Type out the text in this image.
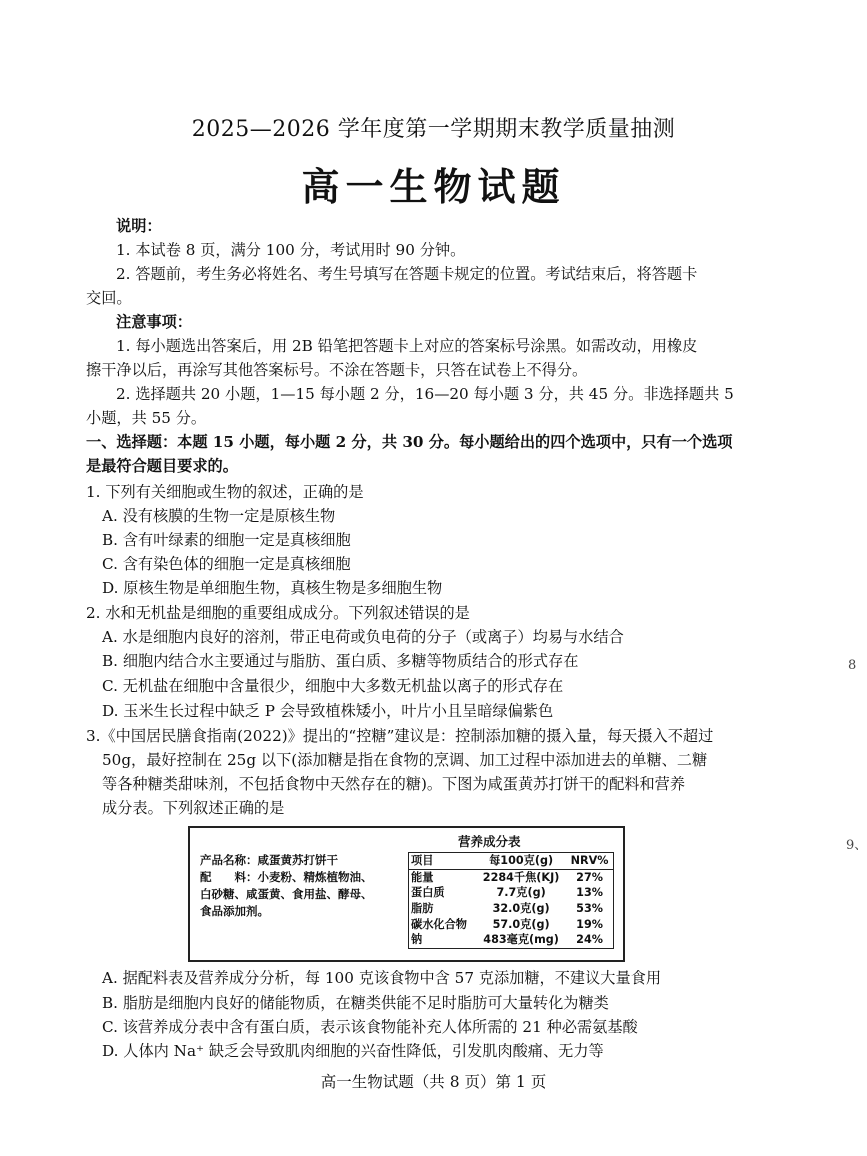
2025—2026 学年度第一学期期末教学质量抽测
高一生物试题
说明：
1. 本试卷 8 页，满分 100 分，考试用时 90 分钟。
2. 答题前，考生务必将姓名、考生号填写在答题卡规定的位置。考试结束后，将答题卡
交回。
注意事项：
1. 每小题选出答案后，用 2B 铅笔把答题卡上对应的答案标号涂黑。如需改动，用橡皮
擦干净以后，再涂写其他答案标号。不涂在答题卡，只答在试卷上不得分。
2. 选择题共 20 小题，1—15 每小题 2 分，16—20 每小题 3 分，共 45 分。非选择题共 5
小题，共 55 分。
一、选择题：本题 15 小题，每小题 2 分，共 30 分。每小题给出的四个选项中，只有一个选项
是最符合题目要求的。
1. 下列有关细胞或生物的叙述，正确的是
A. 没有核膜的生物一定是原核生物
B. 含有叶绿素的细胞一定是真核细胞
C. 含有染色体的细胞一定是真核细胞
D. 原核生物是单细胞生物，真核生物是多细胞生物
2. 水和无机盐是细胞的重要组成成分。下列叙述错误的是
A. 水是细胞内良好的溶剂，带正电荷或负电荷的分子（或离子）均易与水结合
B. 细胞内结合水主要通过与脂肪、蛋白质、多糖等物质结合的形式存在
C. 无机盐在细胞中含量很少，细胞中大多数无机盐以离子的形式存在
D. 玉米生长过程中缺乏 P 会导致植株矮小，叶片小且呈暗绿偏紫色
8
9、
3.《中国居民膳食指南(2022)》提出的“控糖”建议是：控制添加糖的摄入量，每天摄入不超过
50g，最好控制在 25g 以下(添加糖是指在食物的烹调、加工过程中添加进去的单糖、二糖
等各种糖类甜味剂，不包括食物中天然存在的糖)。下图为咸蛋黄苏打饼干的配料和营养
成分表。下列叙述正确的是
营养成分表
产品名称：咸蛋黄苏打饼干
配　　料：小麦粉、精炼植物油、
白砂糖、咸蛋黄、食用盐、酵母、
食品添加剂。
项目	每100克(g)	NRV%
能量	2284千焦(KJ)	27%
蛋白质	7.7克(g)	13%
脂肪	32.0克(g)	53%
碳水化合物	57.0克(g)	19%
钠	483毫克(mg)	24%
A. 据配料表及营养成分分析，每 100 克该食物中含 57 克添加糖，不建议大量食用
B. 脂肪是细胞内良好的储能物质，在糖类供能不足时脂肪可大量转化为糖类
C. 该营养成分表中含有蛋白质，表示该食物能补充人体所需的 21 种必需氨基酸
D. 人体内 Na⁺ 缺乏会导致肌肉细胞的兴奋性降低，引发肌肉酸痛、无力等
高一生物试题（共 8 页）第 1 页
